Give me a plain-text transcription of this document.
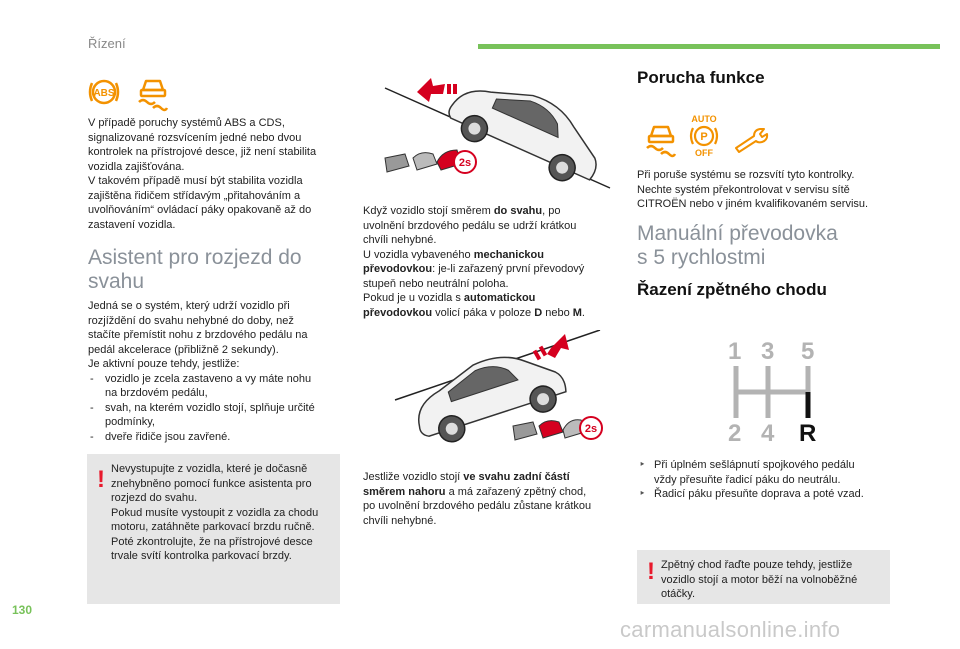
Řízení
ABS

V případě poruchy systémů ABS a CDS,

signalizované rozsvícením jedné nebo dvou

kontrolek na přístrojové desce, již není stabilita

vozidla zajišťována.

V takovém případě musí být stabilita vozidla

zajištěna řidičem střídavým „přitahováním a

uvolňováním“ ovládací páky opakovaně až do

zastavení vozidla.

Asistent pro rozjezd do

svahu

Jedná se o systém, který udrží vozidlo při

rozjíždění do svahu nehybné do doby, než

stačíte přemístit nohu z brzdového pedálu na

pedál akcelerace (přibližně 2 sekundy).

Je aktivní pouze tehdy, jestliže:

- vozidlo je zcela zastaveno a vy máte nohu
na brzdovém pedálu,
- svah, na kterém vozidlo stojí, splňuje určité
podmínky,
- dveře řidiče jsou zavřené.
! Nevystupujte z vozidla, které je dočasně

znehybněno pomocí funkce asistenta pro

rozjezd do svahu.

Pokud musíte vystoupit z vozidla za chodu

motoru, zatáhněte parkovací brzdu ručně.

Poté zkontrolujte, že na přístrojové desce

trvale svítí kontrolka parkovací brzdy.

2s

Když vozidlo stojí směrem do svahu, po

uvolnění brzdového pedálu se udrží krátkou

chvíli nehybné.

U vozidla vybaveného mechanickou

převodovkou: je-li zařazený první převodový

stupeň nebo neutrální poloha.

Pokud je u vozidla s automatickou

převodovkou volicí páka v poloze D nebo M.

2s

Jestliže vozidlo stojí ve svahu zadní částí

směrem nahoru a má zařazený zpětný chod,

po uvolnění brzdového pedálu zůstane krátkou

chvíli nehybné.

Porucha funkce
AUTO
P
OFF

Při poruše systému se rozsvítí tyto kontrolky.

Nechte systém překontrolovat v servisu sítě

CITROËN nebo v jiném kvalifikovaném servisu.

Manuální převodovka

s 5 rychlostmi

Řazení zpětného chodu
1 3 5
2 4 R
‣ Při úplném sešlápnutí spojkového pedálu
vždy přesuňte řadicí páku do neutrálu.
‣ Řadicí páku přesuňte doprava a poté vzad.
! Zpětný chod řaďte pouze tehdy, jestliže

vozidlo stojí a motor běží na volnoběžné

otáčky.

130
carmanualsonline.info
